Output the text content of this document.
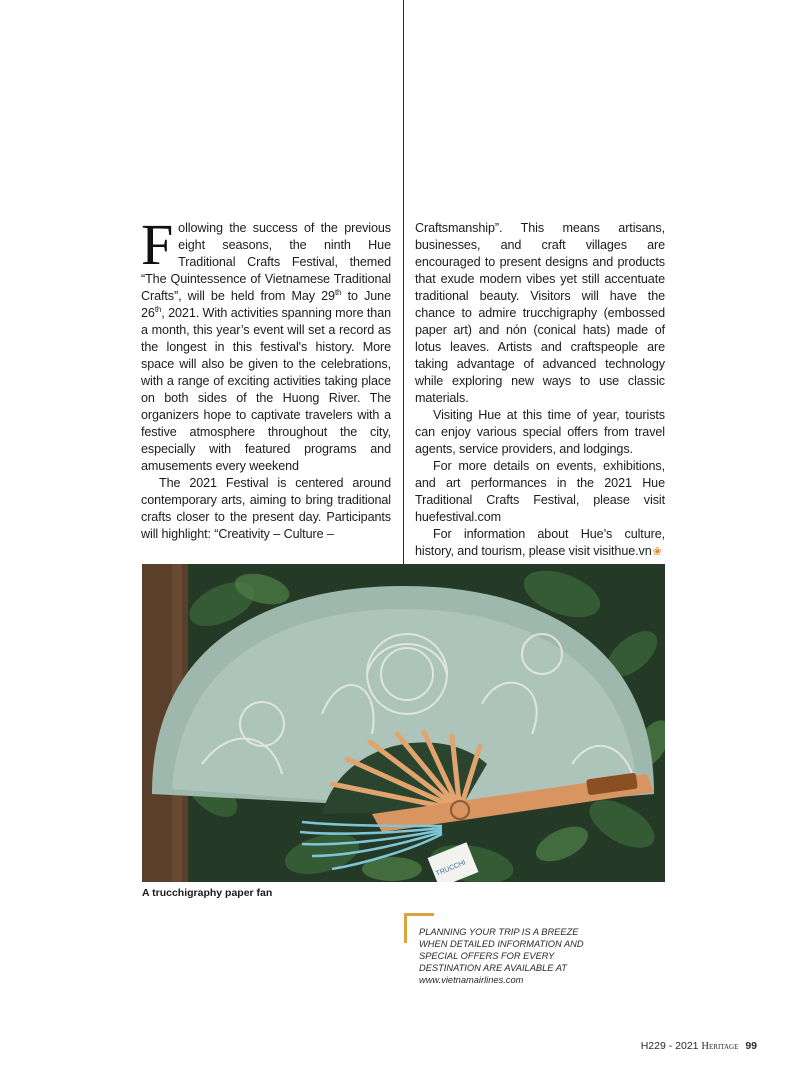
Following the success of the previous eight seasons, the ninth Hue Traditional Crafts Festival, themed “The Quintessence of Vietnamese Traditional Crafts”, will be held from May 29th to June 26th, 2021. With activities spanning more than a month, this year’s event will set a record as the longest in this festival's history. More space will also be given to the celebrations, with a range of exciting activities taking place on both sides of the Huong River. The organizers hope to captivate travelers with a festive atmosphere throughout the city, especially with featured programs and amusements every weekend

The 2021 Festival is centered around contemporary arts, aiming to bring traditional crafts closer to the present day. Participants will highlight: “Creativity – Culture –

Craftsmanship”. This means artisans, businesses, and craft villages are encouraged to present designs and products that exude modern vibes yet still accentuate traditional beauty. Visitors will have the chance to admire trucchigraphy (embossed paper art) and nón (conical hats) made of lotus leaves. Artists and craftspeople are taking advantage of advanced technology while exploring new ways to use classic materials.

Visiting Hue at this time of year, tourists can enjoy various special offers from travel agents, service providers, and lodgings.

For more details on events, exhibitions, and art performances in the 2021 Hue Traditional Crafts Festival, please visit huefestival.com

For information about Hue’s culture, history, and tourism, please visit visithue.vn❀

TRUCCHI
A trucchigraphy paper fan
PLANNING YOUR TRIP IS A BREEZE WHEN DETAILED INFORMATION AND SPECIAL OFFERS FOR EVERY DESTINATION ARE AVAILABLE AT www.vietnamairlines.com
H229 - 2021 Heritage 99
